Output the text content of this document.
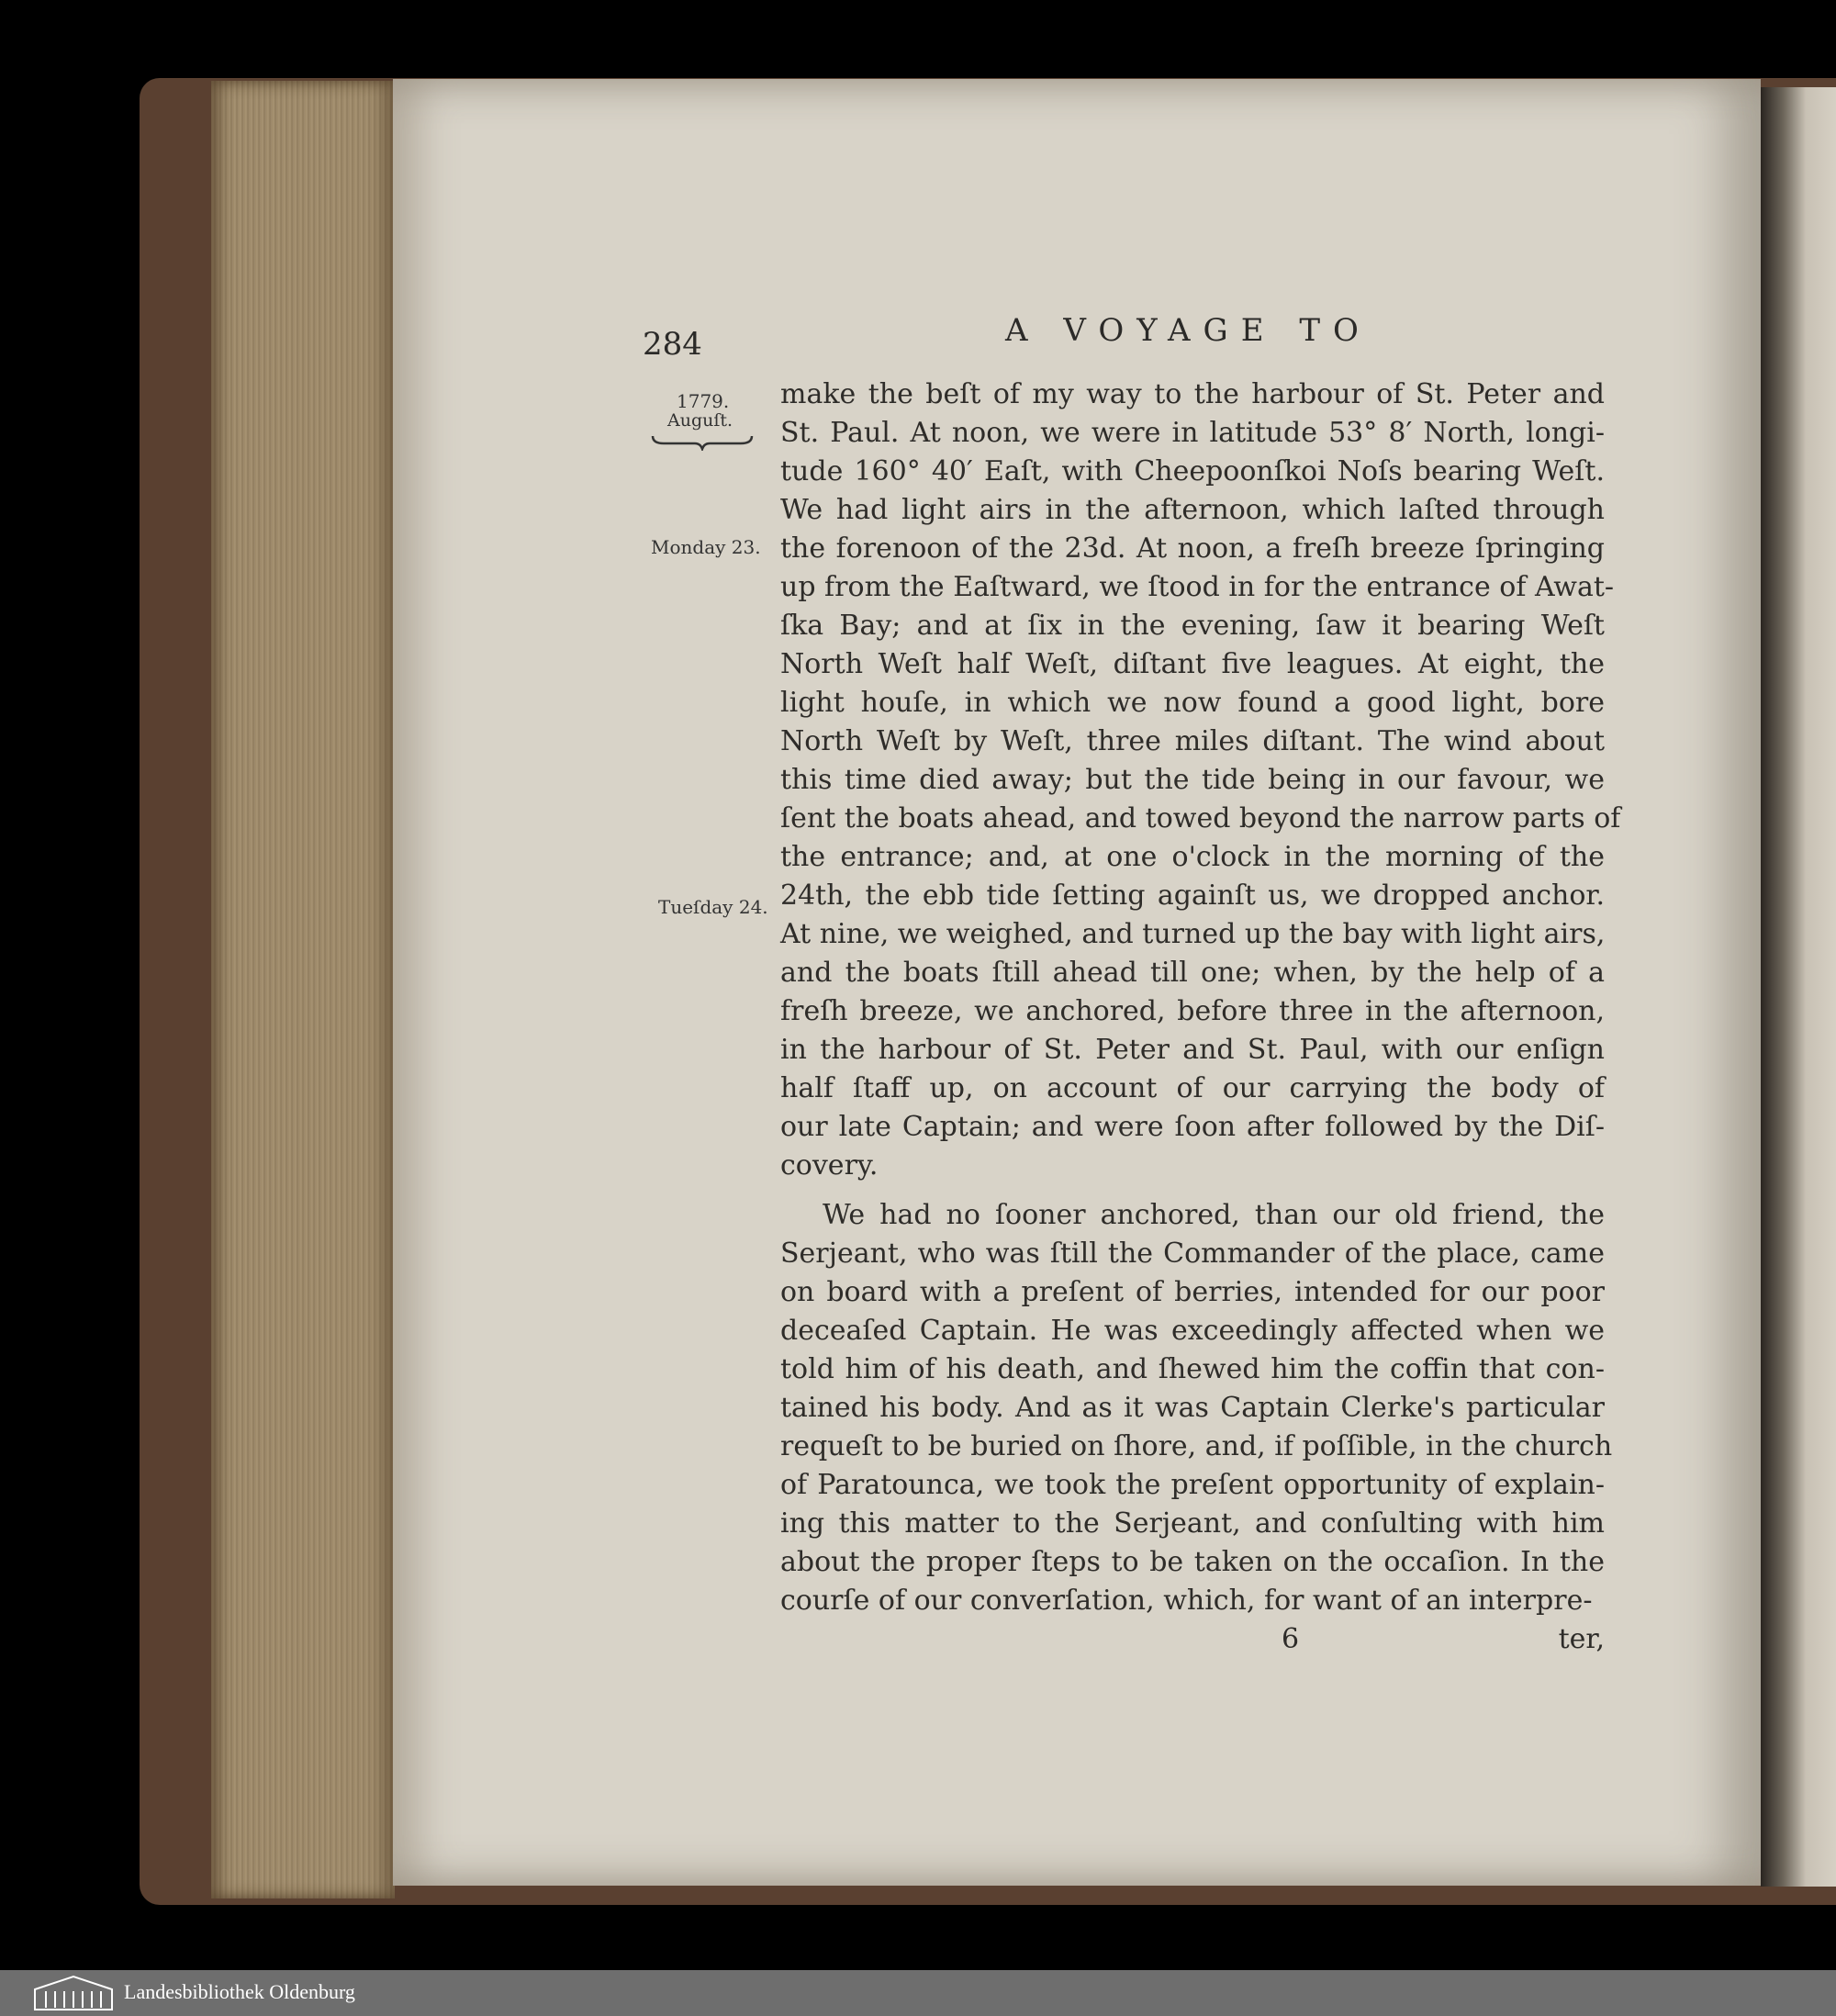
284	A VOYAGE TO
1779.
Auguſt.
Monday 23.
Tueſday 24.
make the beſt of my way to the harbour of St. Peter and
St. Paul. At noon, we were in latitude 53° 8′ North, longi-
tude 160° 40′ Eaſt, with Cheepoonſkoi Noſs bearing Weſt.
We had light airs in the afternoon, which laſted through
the forenoon of the 23d. At noon, a freſh breeze ſpringing
up from the Eaſtward, we ſtood in for the entrance of Awat-
ſka Bay; and at ſix in the evening, ſaw it bearing Weſt
North Weſt half Weſt, diſtant five leagues. At eight, the
light houſe, in which we now found a good light, bore
North Weſt by Weſt, three miles diſtant. The wind about
this time died away; but the tide being in our favour, we
ſent the boats ahead, and towed beyond the narrow parts of
the entrance; and, at one o'clock in the morning of the
24th, the ebb tide ſetting againſt us, we dropped anchor.
At nine, we weighed, and turned up the bay with light airs,
and the boats ſtill ahead till one; when, by the help of a
freſh breeze, we anchored, before three in the afternoon,
in the harbour of St. Peter and St. Paul, with our enſign
half ſtaff up, on account of our carrying the body of
our late Captain; and were ſoon after followed by the Diſ-
covery.
We had no ſooner anchored, than our old friend, the
Serjeant, who was ſtill the Commander of the place, came
on board with a preſent of berries, intended for our poor
deceaſed Captain. He was exceedingly affected when we
told him of his death, and ſhewed him the coffin that con-
tained his body. And as it was Captain Clerke's particular
requeſt to be buried on ſhore, and, if poſſible, in the church
of Paratounca, we took the preſent opportunity of explain-
ing this matter to the Serjeant, and conſulting with him
about the proper ſteps to be taken on the occaſion. In the
courſe of our converſation, which, for want of an interpre-
6	ter,
Landesbibliothek Oldenburg
